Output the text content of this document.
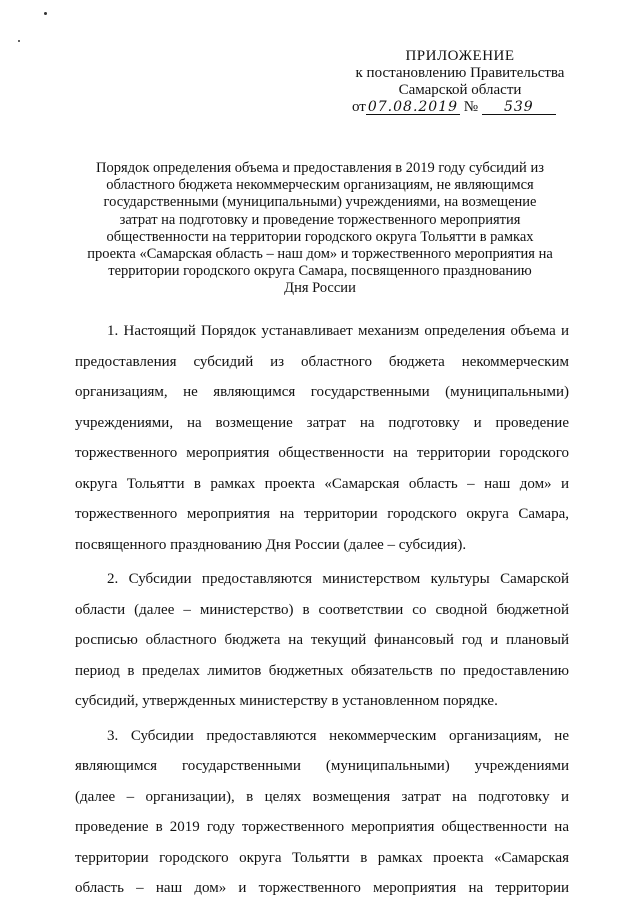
ПРИЛОЖЕНИЕ
к постановлению Правительства
Самарской области
от 07.08.2019 № 539
Порядок определения объема и предоставления в 2019 году субсидий из
областного бюджета некоммерческим организациям, не являющимся
государственными (муниципальными) учреждениями, на возмещение
затрат на подготовку и проведение торжественного мероприятия
общественности на территории городского округа Тольятти в рамках
проекта «Самарская область – наш дом» и торжественного мероприятия на
территории городского округа Самара, посвященного празднованию
Дня России
1. Настоящий Порядок устанавливает механизм определения объема и
предоставления субсидий из областного бюджета некоммерческим
организациям, не являющимся государственными (муниципальными)
учреждениями, на возмещение затрат на подготовку и проведение
торжественного мероприятия общественности на территории городского
округа Тольятти в рамках проекта «Самарская область – наш дом» и
торжественного мероприятия на территории городского округа Самара,
посвященного празднованию Дня России (далее – субсидия).
2. Субсидии предоставляются министерством культуры Самарской
области (далее – министерство) в соответствии со сводной бюджетной
росписью областного бюджета на текущий финансовый год и плановый
период в пределах лимитов бюджетных обязательств по предоставлению
субсидий, утвержденных министерству в установленном порядке.
3. Субсидии предоставляются некоммерческим организациям, не
являющимся государственными (муниципальными) учреждениями
(далее – организации), в целях возмещения затрат на подготовку и
проведение в 2019 году торжественного мероприятия общественности на
территории городского округа Тольятти в рамках проекта «Самарская
область – наш дом» и торжественного мероприятия на территории
